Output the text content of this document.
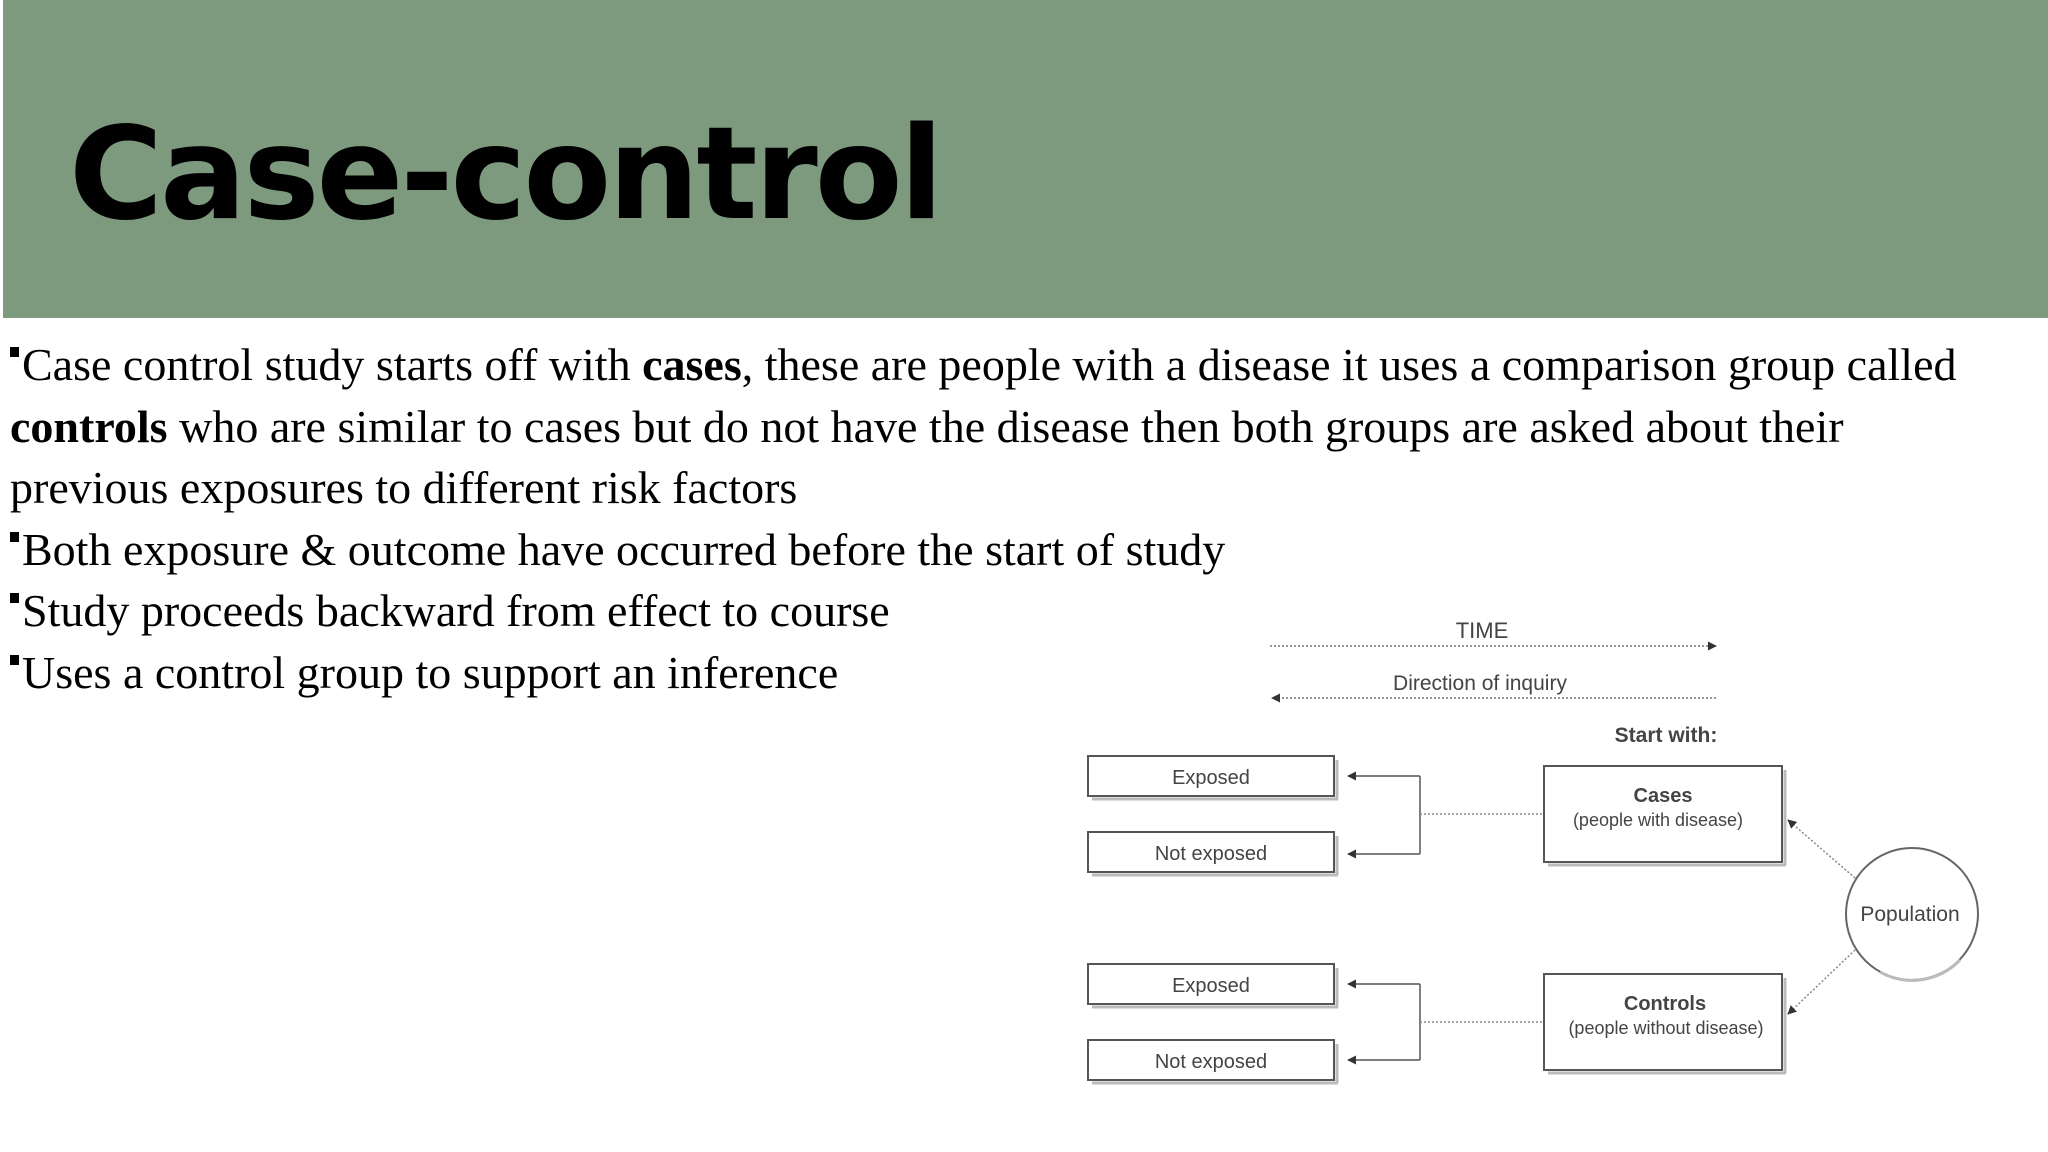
Case-control
Case control study starts off with cases, these are people with a disease it uses a comparison group called controls who are similar to cases but do not have the disease then both groups are asked about their previous exposures to different risk factors
Both exposure & outcome have occurred before the start of study
Study proceeds backward from effect to course
Uses a control group to support an inference
TIME
Direction of inquiry
Start with:
Exposed
Not exposed
Cases
(people with disease)
Exposed
Not exposed
Controls
(people without disease)
Population
